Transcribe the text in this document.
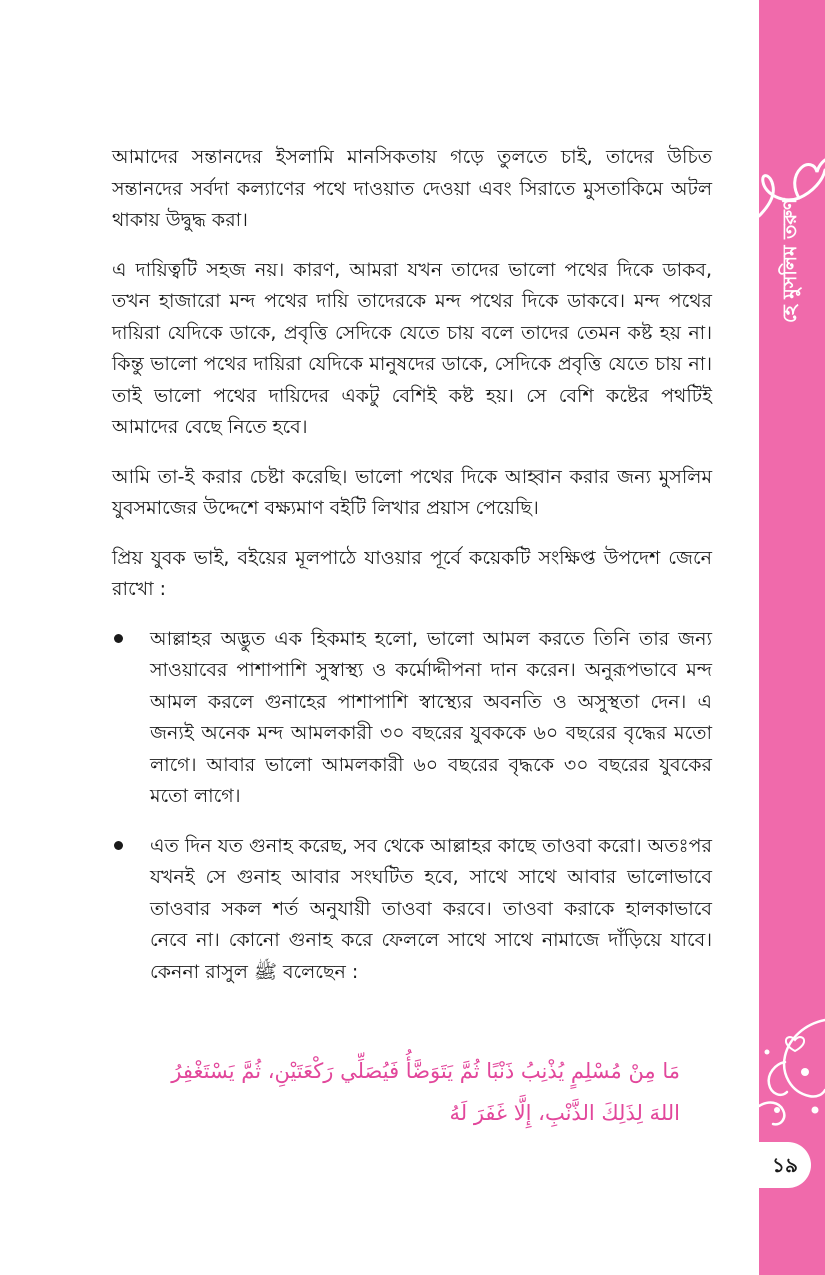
আমাদের সন্তানদের ইসলামি মানসিকতায় গড়ে তুলতে চাই, তাদের উচিত সন্তানদের সর্বদা কল্যাণের পথে দাওয়াত দেওয়া এবং সিরাতে মুসতাকিমে অটল থাকায় উদ্বুদ্ধ করা।

এ দায়িত্বটি সহজ নয়। কারণ, আমরা যখন তাদের ভালো পথের দিকে ডাকব, তখন হাজারো মন্দ পথের দায়ি তাদেরকে মন্দ পথের দিকে ডাকবে। মন্দ পথের দায়িরা যেদিকে ডাকে, প্রবৃত্তি সেদিকে যেতে চায় বলে তাদের তেমন কষ্ট হয় না। কিন্তু ভালো পথের দায়িরা যেদিকে মানুষদের ডাকে, সেদিকে প্রবৃত্তি যেতে চায় না। তাই ভালো পথের দায়িদের একটু বেশিই কষ্ট হয়। সে বেশি কষ্টের পথটিই আমাদের বেছে নিতে হবে।

আমি তা-ই করার চেষ্টা করেছি। ভালো পথের দিকে আহ্বান করার জন্য মুসলিম যুবসমাজের উদ্দেশে বক্ষ্যমাণ বইটি লিখার প্রয়াস পেয়েছি।

প্রিয় যুবক ভাই, বইয়ের মূলপাঠে যাওয়ার পূর্বে কয়েকটি সংক্ষিপ্ত উপদেশ জেনে রাখো :

আল্লাহর অদ্ভুত এক হিকমাহ হলো, ভালো আমল করতে তিনি তার জন্য সাওয়াবের পাশাপাশি সুস্বাস্থ্য ও কর্মোদ্দীপনা দান করেন। অনুরূপভাবে মন্দ আমল করলে গুনাহের পাশাপাশি স্বাস্থ্যের অবনতি ও অসুস্থতা দেন। এ জন্যই অনেক মন্দ আমলকারী ৩০ বছরের যুবককে ৬০ বছরের বৃদ্ধের মতো লাগে। আবার ভালো আমলকারী ৬০ বছরের বৃদ্ধকে ৩০ বছরের যুবকের মতো লাগে।
এত দিন যত গুনাহ করেছ, সব থেকে আল্লাহর কাছে তাওবা করো। অতঃপর যখনই সে গুনাহ আবার সংঘটিত হবে, সাথে সাথে আবার ভালোভাবে তাওবার সকল শর্ত অনুযায়ী তাওবা করবে। তাওবা করাকে হালকাভাবে নেবে না। কোনো গুনাহ করে ফেললে সাথে সাথে নামাজে দাঁড়িয়ে যাবে। কেননা রাসুল ﷺ বলেছেন :
مَا مِنْ مُسْلِمٍ يُذْنِبُ ذَنْبًا ثُمَّ يَتَوَضَّأُ فَيُصَلِّي رَكْعَتَيْنِ، ثُمَّ يَسْتَغْفِرُ اللهَ لِذَلِكَ الذَّنْبِ، إِلَّا غَفَرَ لَهُ
হে মুসলিম তরুণ
১৯
